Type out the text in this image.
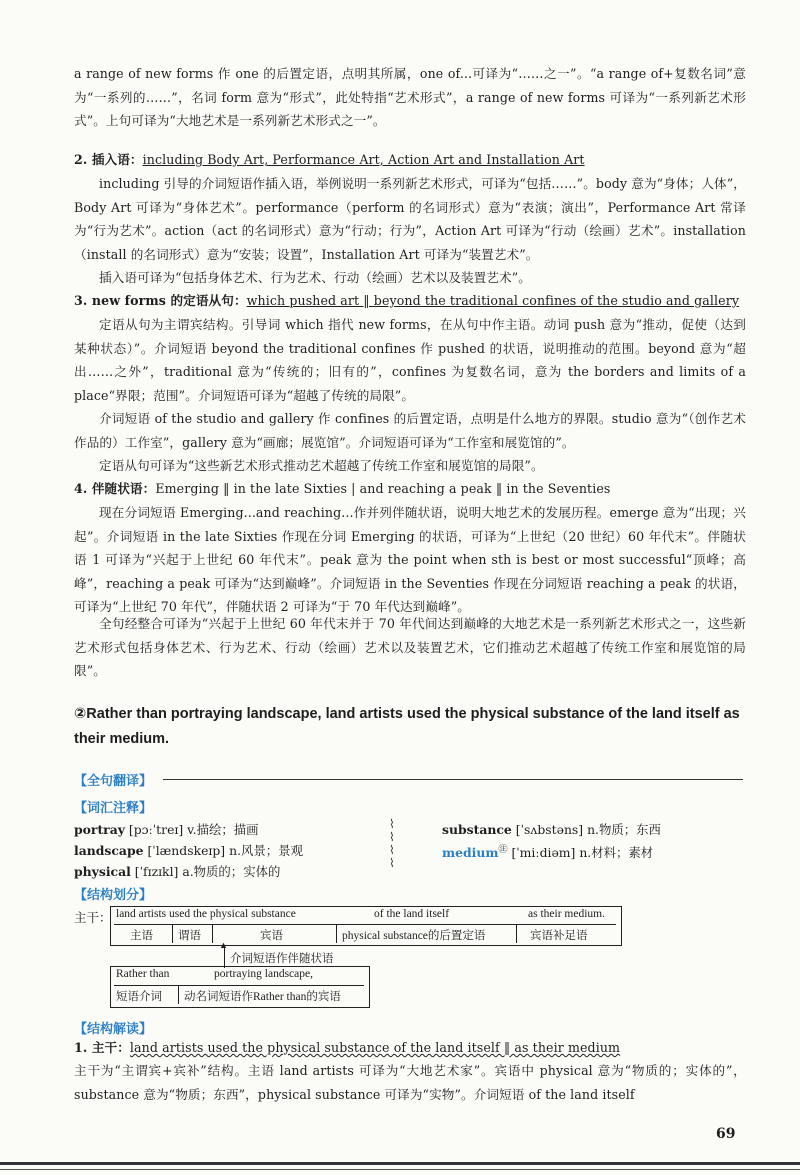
a range of new forms 作 one 的后置定语，点明其所属，one of...可译为“……之一”。“a range of+复数名词”意为“一系列的……”，名词 form 意为“形式”，此处特指“艺术形式”，a range of new forms 可译为“一系列新艺术形式”。上句可译为“大地艺术是一系列新艺术形式之一”。
2. 插入语：including Body Art, Performance Art, Action Art and Installation Art
including 引导的介词短语作插入语，举例说明一系列新艺术形式，可译为“包括……”。body 意为“身体；人体”，Body Art 可译为“身体艺术”。performance（perform 的名词形式）意为“表演；演出”，Performance Art 常译为“行为艺术”。action（act 的名词形式）意为“行动；行为”，Action Art 可译为“行动（绘画）艺术”。installation（install 的名词形式）意为“安装；设置”，Installation Art 可译为“装置艺术”。
插入语可译为“包括身体艺术、行为艺术、行动（绘画）艺术以及装置艺术”。
3. new forms 的定语从句：which pushed art ‖ beyond the traditional confines of the studio and gallery
定语从句为主谓宾结构。引导词 which 指代 new forms，在从句中作主语。动词 push 意为“推动，促使（达到某种状态）”。介词短语 beyond the traditional confines 作 pushed 的状语，说明推动的范围。beyond 意为“超出……之外”，traditional 意为“传统的；旧有的”，confines 为复数名词，意为 the borders and limits of a place“界限；范围”。介词短语可译为“超越了传统的局限”。
介词短语 of the studio and gallery 作 confines 的后置定语，点明是什么地方的界限。studio 意为“（创作艺术作品的）工作室”，gallery 意为“画廊；展览馆”。介词短语可译为“工作室和展览馆的”。
定语从句可译为“这些新艺术形式推动艺术超越了传统工作室和展览馆的局限”。
4. 伴随状语：Emerging ‖ in the late Sixties | and reaching a peak ‖ in the Seventies
现在分词短语 Emerging...and reaching...作并列伴随状语，说明大地艺术的发展历程。emerge 意为“出现；兴起”。介词短语 in the late Sixties 作现在分词 Emerging 的状语，可译为“上世纪（20 世纪）60 年代末”。伴随状语 1 可译为“兴起于上世纪 60 年代末”。peak 意为 the point when sth is best or most successful“顶峰；高峰”，reaching a peak 可译为“达到巅峰”。介词短语 in the Seventies 作现在分词短语 reaching a peak 的状语，可译为“上世纪 70 年代”，伴随状语 2 可译为“于 70 年代达到巅峰”。
全句经整合可译为“兴起于上世纪 60 年代末并于 70 年代间达到巅峰的大地艺术是一系列新艺术形式之一，这些新艺术形式包括身体艺术、行为艺术、行动（绘画）艺术以及装置艺术，它们推动艺术超越了传统工作室和展览馆的局限”。
②Rather than portraying landscape, land artists used the physical substance of the land itself as their medium.
【全句翻译】
【词汇注释】
portray [pɔːˈtreɪ] v.描绘；描画
landscape [ˈlændskeɪp] n.风景；景观
physical [ˈfɪzɪkl] a.物质的；实体的
⌇
⌇
⌇
⌇
substance [ˈsʌbstəns] n.物质；东西
medium㊟ [ˈmiːdiəm] n.材料；素材
【结构划分】
主干： land artists used the physical substance	of the land itself	as their medium.
主语 谓语	宾语	physical substance的后置定语	宾语补足语
▲
介词短语作伴随状语
Rather than	portraying landscape,
短语介词 动名词短语作Rather than的宾语
【结构解读】
1. 主干：land artists used the physical substance of the land itself ‖ as their medium
主干为“主谓宾+宾补”结构。主语 land artists 可译为“大地艺术家”。宾语中 physical 意为“物质的；实体的”，substance 意为“物质；东西”，physical substance 可译为“实物”。介词短语 of the land itself
69
